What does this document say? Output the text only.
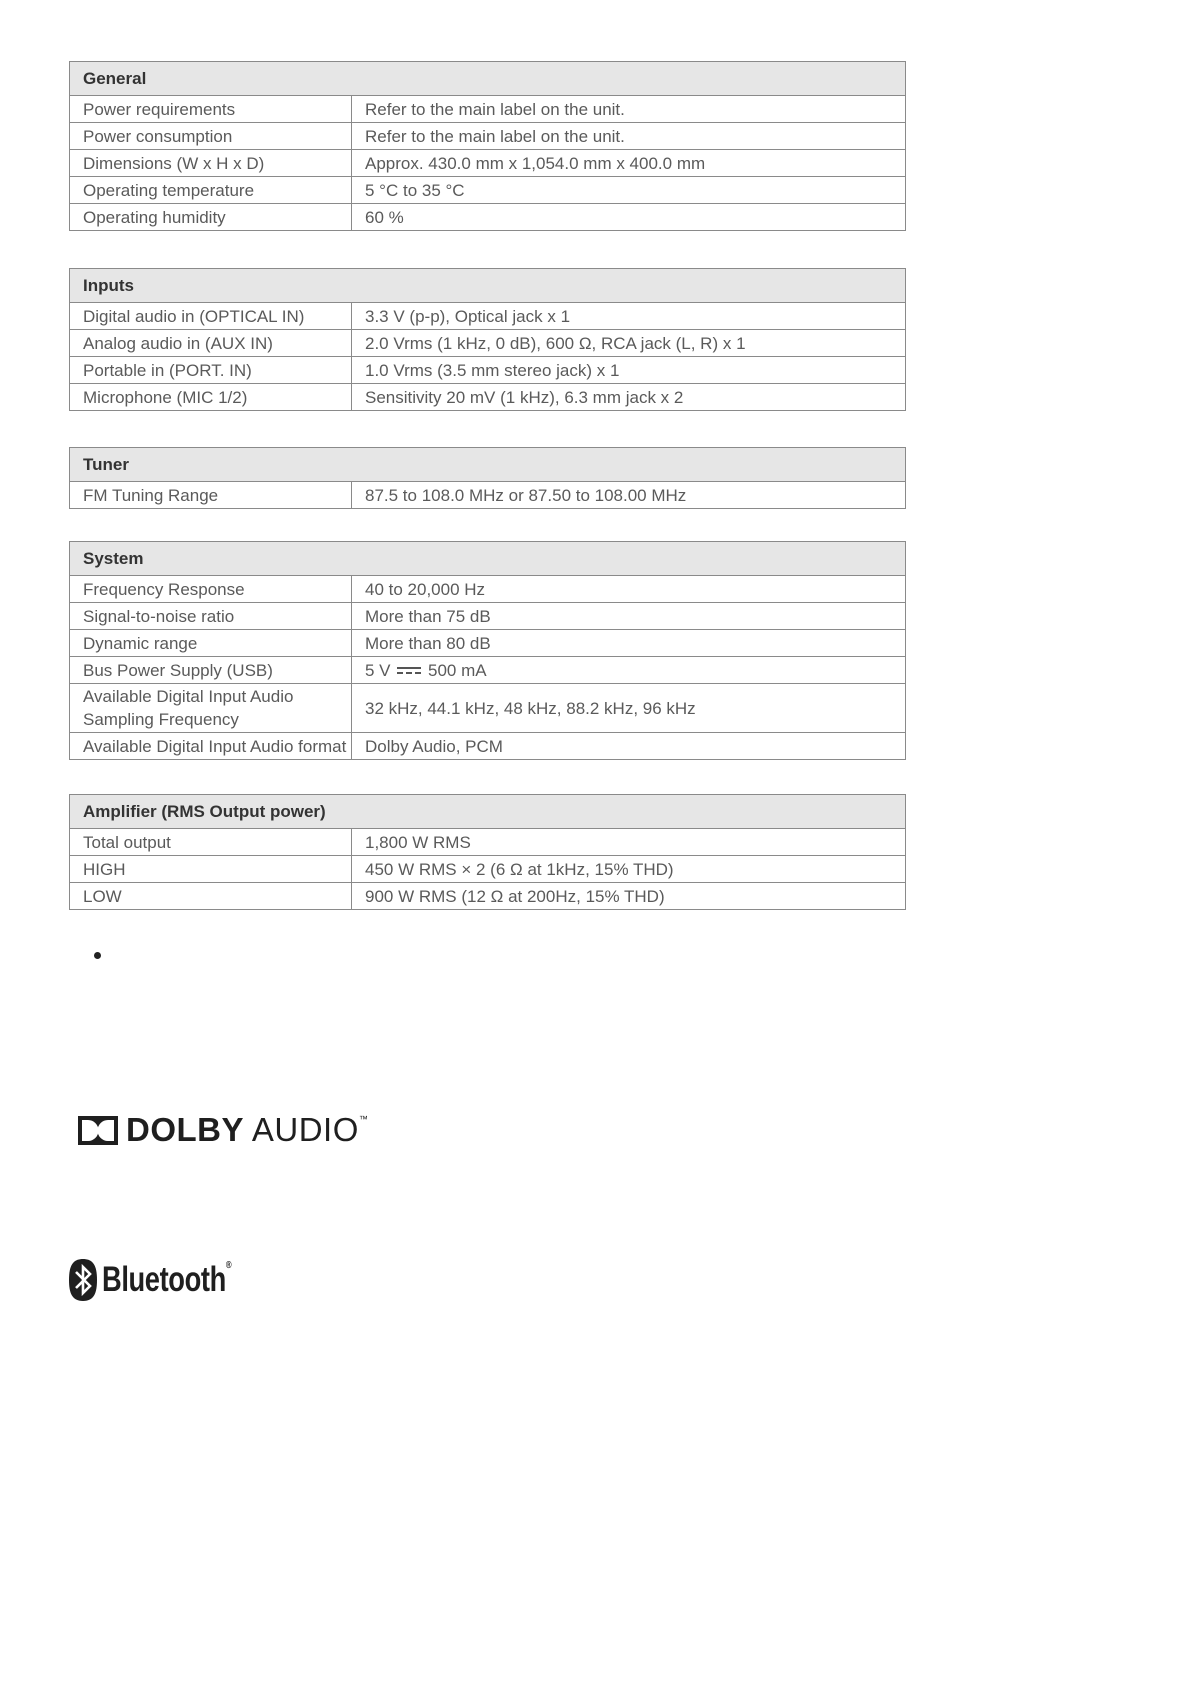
General	
Power requirements	Refer to the main label on the unit.
Power consumption	Refer to the main label on the unit.
Dimensions (W x H x D)	Approx. 430.0 mm x 1,054.0 mm x 400.0 mm
Operating temperature	5 °C to 35 °C
Operating humidity	60 %
Inputs	
Digital audio in (OPTICAL IN)	3.3 V (p-p), Optical jack x 1
Analog audio in (AUX IN)	2.0 Vrms (1 kHz, 0 dB), 600 Ω, RCA jack (L, R) x 1
Portable in (PORT. IN)	1.0 Vrms (3.5 mm stereo jack) x 1
Microphone (MIC 1/2)	Sensitivity 20 mV (1 kHz), 6.3 mm jack x 2
Tuner
FM Tuning Range	87.5 to 108.0 MHz or 87.50 to 108.00 MHz
System	
Frequency Response	40 to 20,000 Hz
Signal-to-noise ratio	More than 75 dB
Dynamic range	More than 80 dB
Bus Power Supply (USB)	5 V 500 mA
Available Digital Input Audio
Sampling Frequency	32 kHz, 44.1 kHz, 48 kHz, 88.2 kHz, 96 kHz
Available Digital Input Audio format	Dolby Audio, PCM
Amplifier (RMS Output power)	
Total output	1,800 W RMS
HIGH	450 W RMS × 2 (6 Ω at 1kHz, 15% THD)
LOW	900 W RMS (12 Ω at 200Hz, 15% THD)
DOLBY AUDIO™
Bluetooth®
